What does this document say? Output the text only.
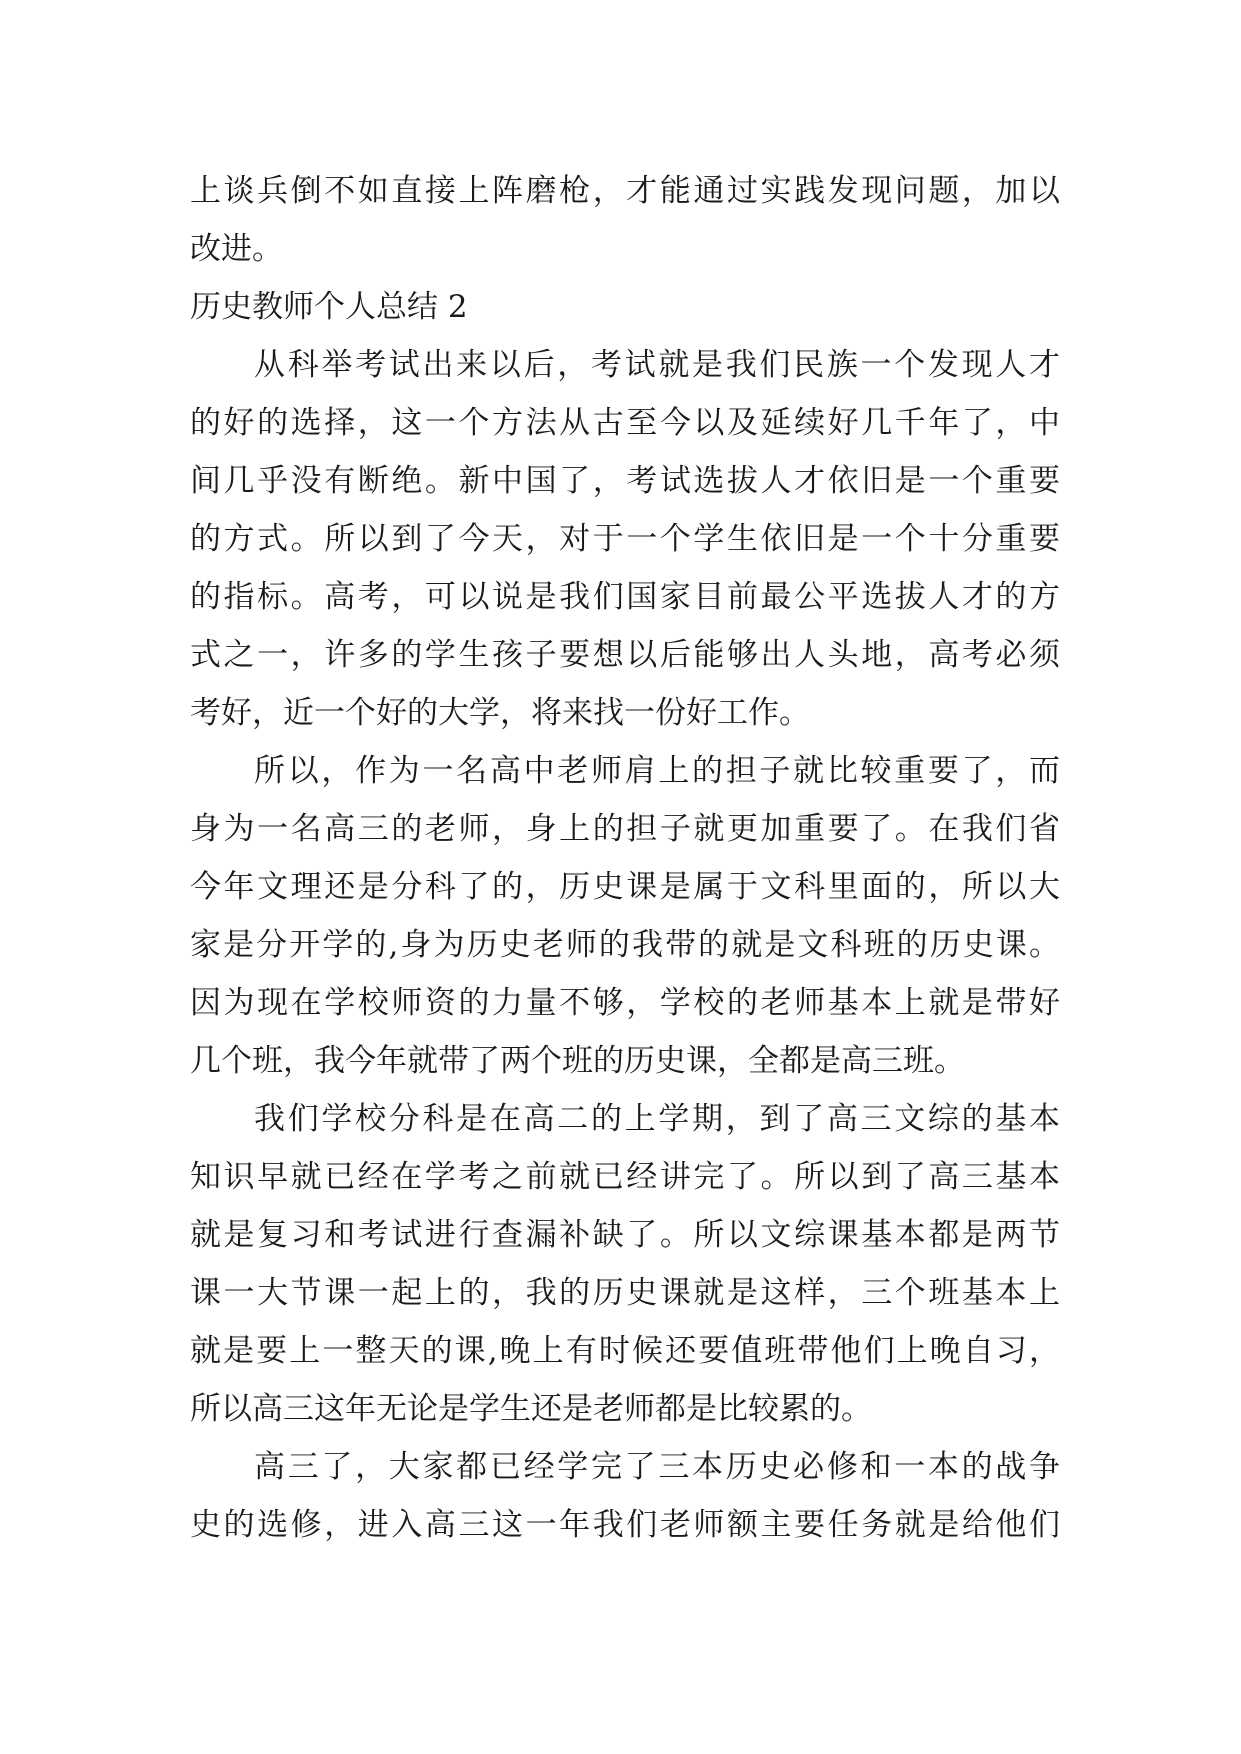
上谈兵倒不如直接上阵磨枪，才能通过实践发现问题，加以
改进。
历史教师个人总结 2
从科举考试出来以后，考试就是我们民族一个发现人才
的好的选择，这一个方法从古至今以及延续好几千年了，中
间几乎没有断绝。新中国了，考试选拔人才依旧是一个重要
的方式。所以到了今天，对于一个学生依旧是一个十分重要
的指标。高考，可以说是我们国家目前最公平选拔人才的方
式之一，许多的学生孩子要想以后能够出人头地，高考必须
考好，近一个好的大学，将来找一份好工作。
所以，作为一名高中老师肩上的担子就比较重要了，而
身为一名高三的老师，身上的担子就更加重要了。在我们省
今年文理还是分科了的，历史课是属于文科里面的，所以大
家是分开学的,身为历史老师的我带的就是文科班的历史课。
因为现在学校师资的力量不够，学校的老师基本上就是带好
几个班，我今年就带了两个班的历史课，全都是高三班。
我们学校分科是在高二的上学期，到了高三文综的基本
知识早就已经在学考之前就已经讲完了。所以到了高三基本
就是复习和考试进行查漏补缺了。所以文综课基本都是两节
课一大节课一起上的，我的历史课就是这样，三个班基本上
就是要上一整天的课,晚上有时候还要值班带他们上晚自习，
所以高三这年无论是学生还是老师都是比较累的。
高三了，大家都已经学完了三本历史必修和一本的战争
史的选修，进入高三这一年我们老师额主要任务就是给他们
